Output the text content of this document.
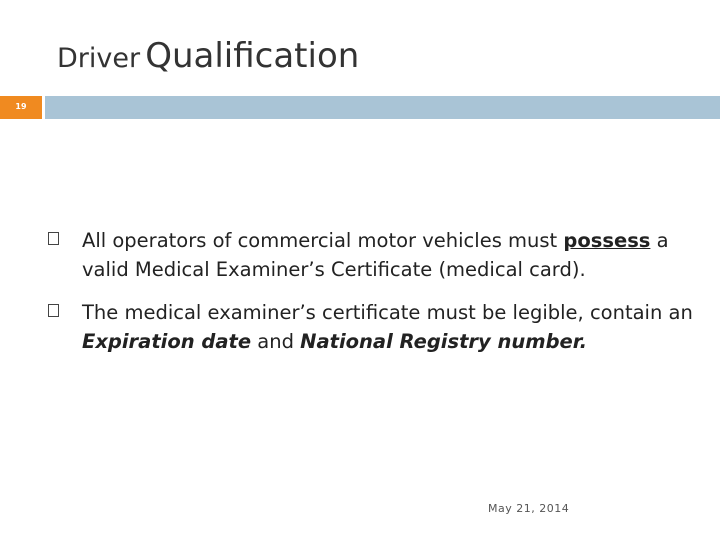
Driver Qualification
19
All operators of commercial motor vehicles must possess a valid Medical Examiner’s Certificate (medical card).
The medical examiner’s certificate must be legible, contain an Expiration date and National Registry number.
May 21, 2014
